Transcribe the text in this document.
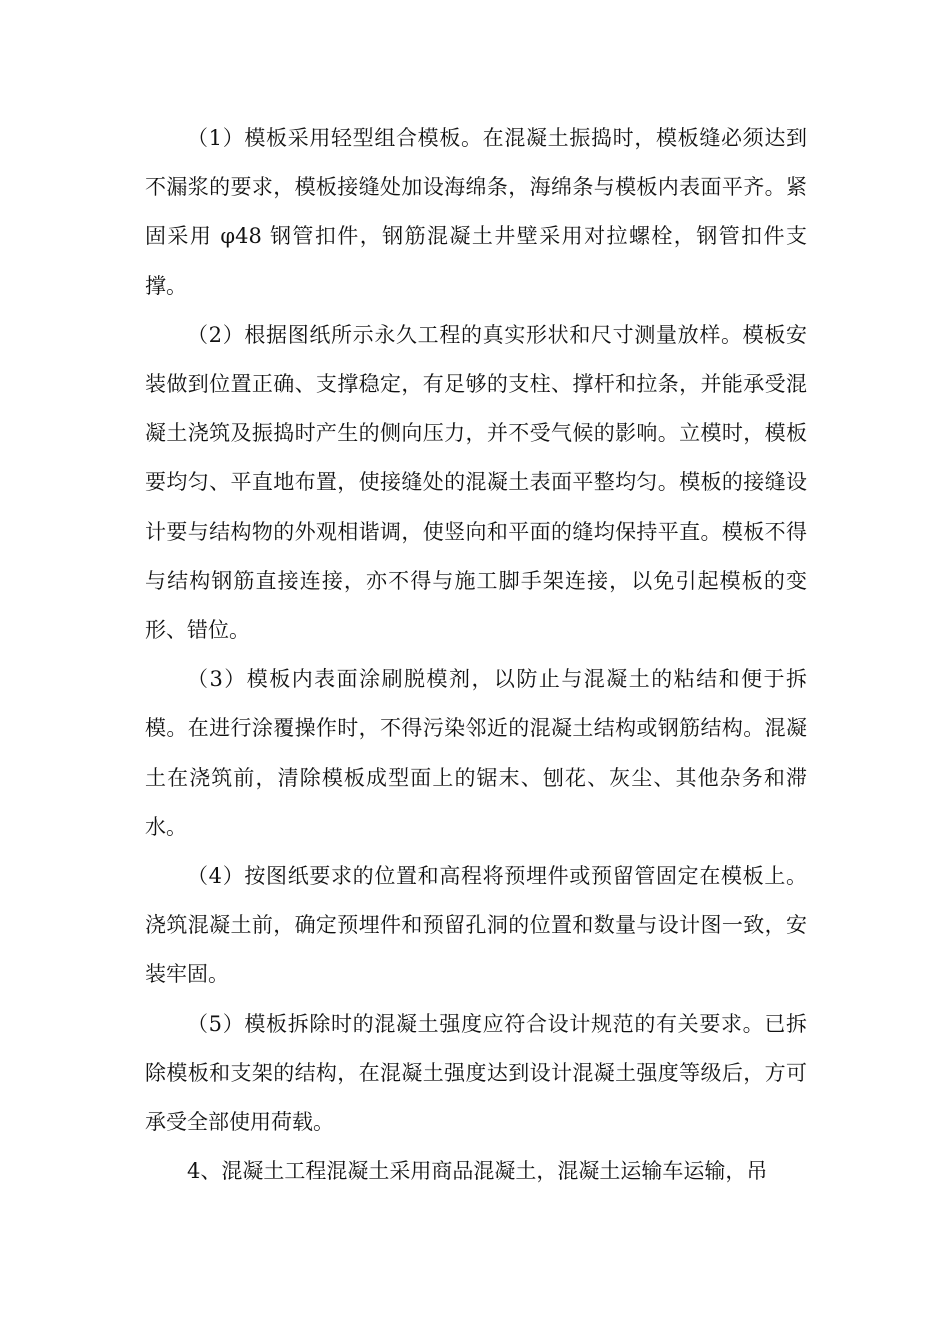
（1）模板采用轻型组合模板。在混凝土振捣时，模板缝必须达到不漏浆的要求，模板接缝处加设海绵条，海绵条与模板内表面平齐。紧固采用 φ48 钢管扣件，钢筋混凝土井壁采用对拉螺栓，钢管扣件支撑。

（2）根据图纸所示永久工程的真实形状和尺寸测量放样。模板安装做到位置正确、支撑稳定，有足够的支柱、撑杆和拉条，并能承受混凝土浇筑及振捣时产生的侧向压力，并不受气候的影响。立模时，模板要均匀、平直地布置，使接缝处的混凝土表面平整均匀。模板的接缝设计要与结构物的外观相谐调，使竖向和平面的缝均保持平直。模板不得与结构钢筋直接连接，亦不得与施工脚手架连接，以免引起模板的变形、错位。

（3）模板内表面涂刷脱模剂，以防止与混凝土的粘结和便于拆模。在进行涂覆操作时，不得污染邻近的混凝土结构或钢筋结构。混凝土在浇筑前，清除模板成型面上的锯末、刨花、灰尘、其他杂务和滞水。

（4）按图纸要求的位置和高程将预埋件或预留管固定在模板上。浇筑混凝土前，确定预埋件和预留孔洞的位置和数量与设计图一致，安装牢固。

（5）模板拆除时的混凝土强度应符合设计规范的有关要求。已拆除模板和支架的结构，在混凝土强度达到设计混凝土强度等级后，方可承受全部使用荷载。

4、混凝土工程混凝土采用商品混凝土，混凝土运输车运输，吊
